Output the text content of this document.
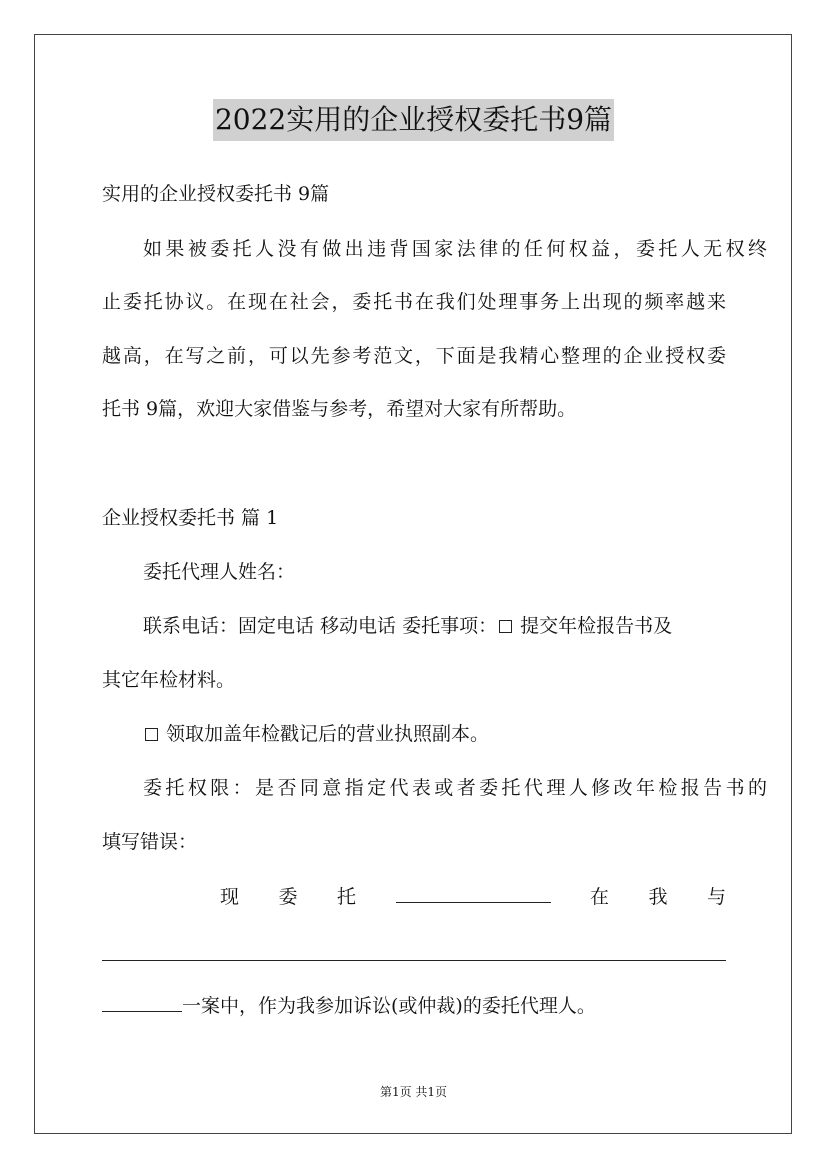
2022实用的企业授权委托书9篇
实用的企业授权委托书 9篇
如果被委托人没有做出违背国家法律的任何权益，委托人无权终
止委托协议。在现在社会，委托书在我们处理事务上出现的频率越来
越高，在写之前，可以先参考范文，下面是我精心整理的企业授权委
托书 9篇，欢迎大家借鉴与参考，希望对大家有所帮助。
企业授权委托书 篇 1
委托代理人姓名：
联系电话：固定电话 移动电话 委托事项： 提交年检报告书及
其它年检材料。
领取加盖年检戳记后的营业执照副本。
委托权限：是否同意指定代表或者委托代理人修改年检报告书的
填写错误：
现 委 托	在 我 与
一案中，作为我参加诉讼(或仲裁)的委托代理人。
第1页 共1页
